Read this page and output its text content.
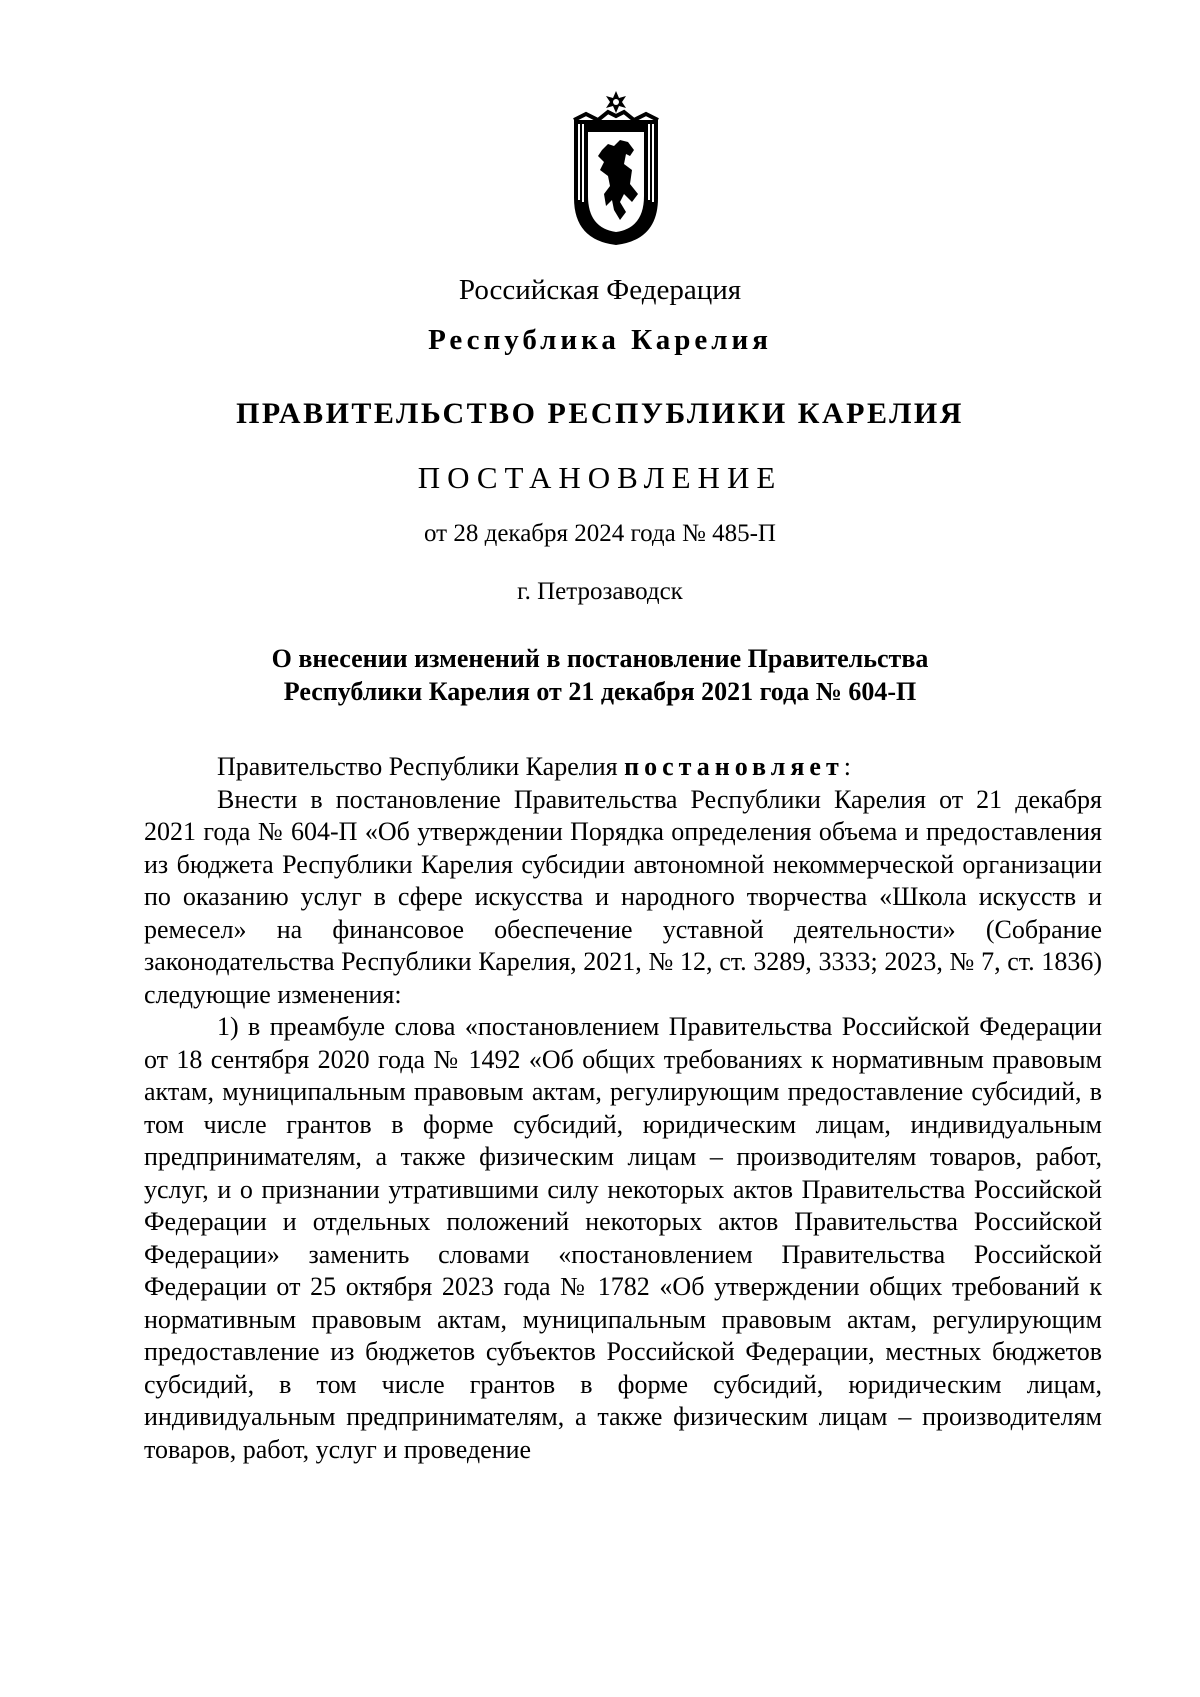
Российская Федерация
Республика Карелия
ПРАВИТЕЛЬСТВО РЕСПУБЛИКИ КАРЕЛИЯ
ПОСТАНОВЛЕНИЕ
от 28 декабря 2024 года № 485-П
г. Петрозаводск
О внесении изменений в постановление Правительства
Республики Карелия от 21 декабря 2021 года № 604-П

Правительство Республики Карелия постановляет:

Внести в постановление Правительства Республики Карелия от 21 декабря 2021 года № 604-П «Об утверждении Порядка определения объема и предоставления из бюджета Республики Карелия субсидии автономной некоммерческой организации по оказанию услуг в сфере искусства и народного творчества «Школа искусств и ремесел» на финансовое обеспечение уставной деятельности» (Собрание законодательства Республики Карелия, 2021, № 12, ст. 3289, 3333; 2023, № 7, ст. 1836) следующие изменения:

1) в преамбуле слова «постановлением Правительства Российской Федерации от 18 сентября 2020 года № 1492 «Об общих требованиях к нормативным правовым актам, муниципальным правовым актам, регулирующим предоставление субсидий, в том числе грантов в форме субсидий, юридическим лицам, индивидуальным предпринимателям, а также физическим лицам – производителям товаров, работ, услуг, и о признании утратившими силу некоторых актов Правительства Российской Федерации и отдельных положений некоторых актов Правительства Российской Федерации» заменить словами «постановлением Правительства Российской Федерации от 25 октября 2023 года № 1782 «Об утверждении общих требований к нормативным правовым актам, муниципальным правовым актам, регулирующим предоставление из бюджетов субъектов Российской Федерации, местных бюджетов субсидий, в том числе грантов в форме субсидий, юридическим лицам, индивидуальным предпринимателям, а также физическим лицам – производителям товаров, работ, услуг и проведение
